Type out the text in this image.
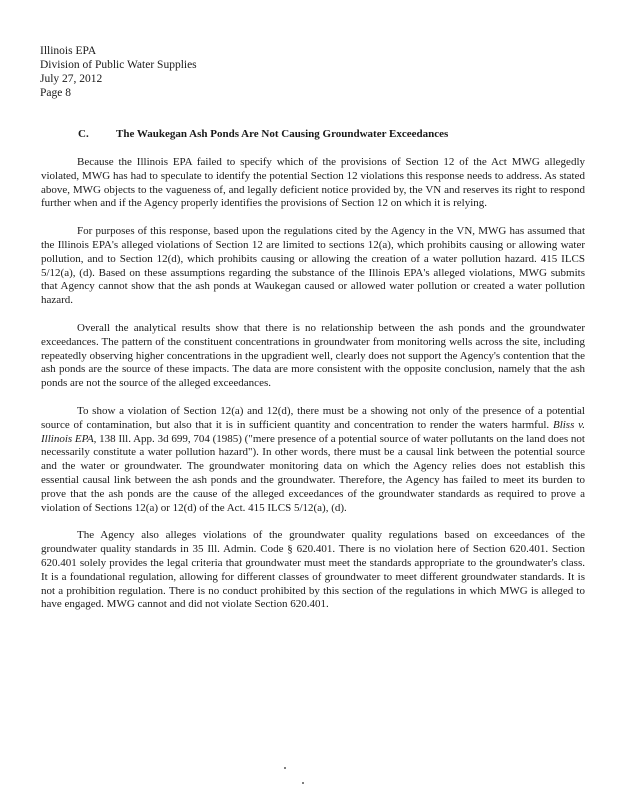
Illinois EPA
Division of Public Water Supplies
July 27, 2012
Page 8
C. The Waukegan Ash Ponds Are Not Causing Groundwater Exceedances

Because the Illinois EPA failed to specify which of the provisions of Section 12 of the Act MWG allegedly violated, MWG has had to speculate to identify the potential Section 12 violations this response needs to address. As stated above, MWG objects to the vagueness of, and legally deficient notice provided by, the VN and reserves its right to respond further when and if the Agency properly identifies the provisions of Section 12 on which it is relying.

For purposes of this response, based upon the regulations cited by the Agency in the VN, MWG has assumed that the Illinois EPA's alleged violations of Section 12 are limited to sections 12(a), which prohibits causing or allowing water pollution, and to Section 12(d), which prohibits causing or allowing the creation of a water pollution hazard. 415 ILCS 5/12(a), (d). Based on these assumptions regarding the substance of the Illinois EPA's alleged violations, MWG submits that Agency cannot show that the ash ponds at Waukegan caused or allowed water pollution or created a water pollution hazard.

Overall the analytical results show that there is no relationship between the ash ponds and the groundwater exceedances. The pattern of the constituent concentrations in groundwater from monitoring wells across the site, including repeatedly observing higher concentrations in the upgradient well, clearly does not support the Agency's contention that the ash ponds are the source of these impacts. The data are more consistent with the opposite conclusion, namely that the ash ponds are not the source of the alleged exceedances.

To show a violation of Section 12(a) and 12(d), there must be a showing not only of the presence of a potential source of contamination, but also that it is in sufficient quantity and concentration to render the waters harmful. Bliss v. Illinois EPA, 138 Ill. App. 3d 699, 704 (1985) ("mere presence of a potential source of water pollutants on the land does not necessarily constitute a water pollution hazard"). In other words, there must be a causal link between the potential source and the water or groundwater. The groundwater monitoring data on which the Agency relies does not establish this essential causal link between the ash ponds and the groundwater. Therefore, the Agency has failed to meet its burden to prove that the ash ponds are the cause of the alleged exceedances of the groundwater standards as required to prove a violation of Sections 12(a) or 12(d) of the Act. 415 ILCS 5/12(a), (d).

The Agency also alleges violations of the groundwater quality regulations based on exceedances of the groundwater quality standards in 35 Ill. Admin. Code § 620.401. There is no violation here of Section 620.401. Section 620.401 solely provides the legal criteria that groundwater must meet the standards appropriate to the groundwater's class. It is a foundational regulation, allowing for different classes of groundwater to meet different groundwater standards. It is not a prohibition regulation. There is no conduct prohibited by this section of the regulations in which MWG is alleged to have engaged. MWG cannot and did not violate Section 620.401.
